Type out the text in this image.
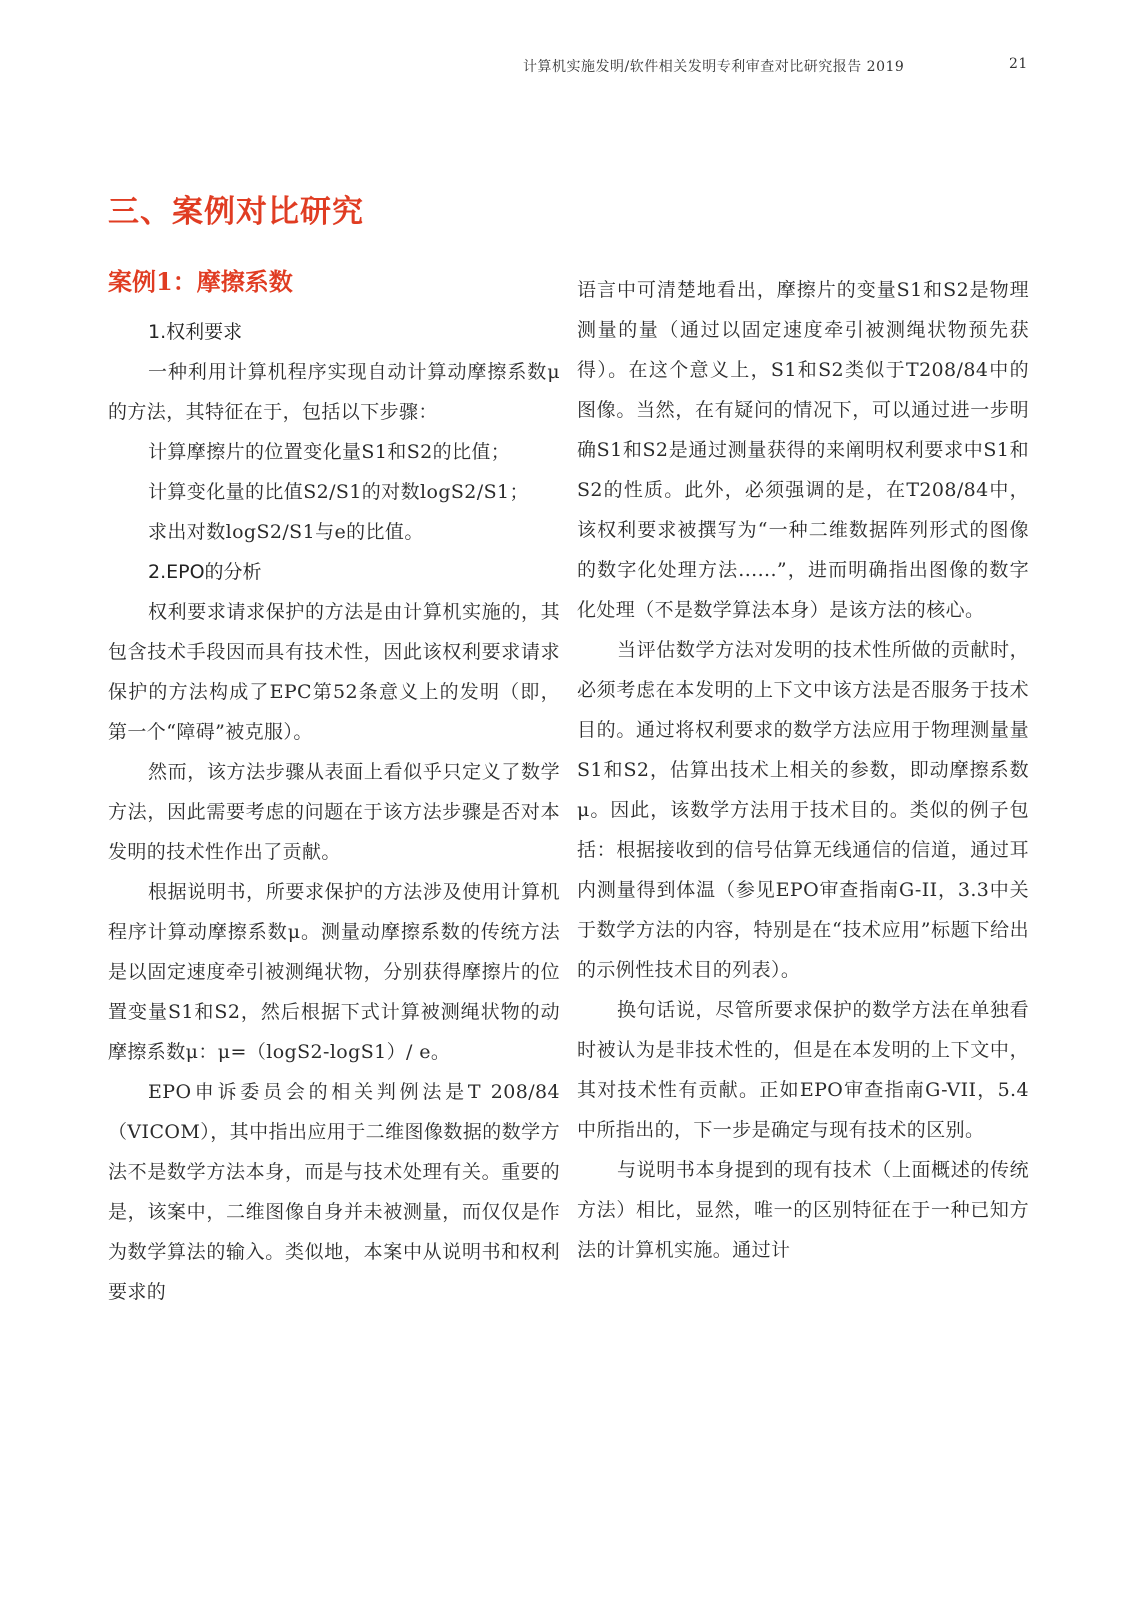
计算机实施发明/软件相关发明专利审查对比研究报告 2019	21
三、案例对比研究
案例1：摩擦系数
1.权利要求

一种利用计算机程序实现自动计算动摩擦系数μ的方法，其特征在于，包括以下步骤：

计算摩擦片的位置变化量S1和S2的比值；

计算变化量的比值S2/S1的对数logS2/S1；

求出对数logS2/S1与e的比值。

2.EPO的分析

权利要求请求保护的方法是由计算机实施的，其包含技术手段因而具有技术性，因此该权利要求请求保护的方法构成了EPC第52条意义上的发明（即，第一个“障碍”被克服）。

然而，该方法步骤从表面上看似乎只定义了数学方法，因此需要考虑的问题在于该方法步骤是否对本发明的技术性作出了贡献。

根据说明书，所要求保护的方法涉及使用计算机程序计算动摩擦系数μ。测量动摩擦系数的传统方法是以固定速度牵引被测绳状物，分别获得摩擦片的位置变量S1和S2，然后根据下式计算被测绳状物的动摩擦系数μ：μ=（logS2-logS1）/ e。

EPO申诉委员会的相关判例法是T 208/84（VICOM），其中指出应用于二维图像数据的数学方法不是数学方法本身，而是与技术处理有关。重要的是，该案中，二维图像自身并未被测量，而仅仅是作为数学算法的输入。类似地，本案中从说明书和权利要求的

语言中可清楚地看出，摩擦片的变量S1和S2是物理测量的量（通过以固定速度牵引被测绳状物预先获得）。在这个意义上，S1和S2类似于T208/84中的图像。当然，在有疑问的情况下，可以通过进一步明确S1和S2是通过测量获得的来阐明权利要求中S1和S2的性质。此外，必须强调的是，在T208/84中，该权利要求被撰写为“一种二维数据阵列形式的图像的数字化处理方法......”，进而明确指出图像的数字化处理（不是数学算法本身）是该方法的核心。

当评估数学方法对发明的技术性所做的贡献时，必须考虑在本发明的上下文中该方法是否服务于技术目的。通过将权利要求的数学方法应用于物理测量量S1和S2，估算出技术上相关的参数，即动摩擦系数μ。因此，该数学方法用于技术目的。类似的例子包括：根据接收到的信号估算无线通信的信道，通过耳内测量得到体温（参见EPO审查指南G-II，3.3中关于数学方法的内容，特别是在“技术应用”标题下给出的示例性技术目的列表）。

换句话说，尽管所要求保护的数学方法在单独看时被认为是非技术性的，但是在本发明的上下文中，其对技术性有贡献。正如EPO审查指南G-VII，5.4中所指出的，下一步是确定与现有技术的区别。

与说明书本身提到的现有技术（上面概述的传统方法）相比，显然，唯一的区别特征在于一种已知方法的计算机实施。通过计
